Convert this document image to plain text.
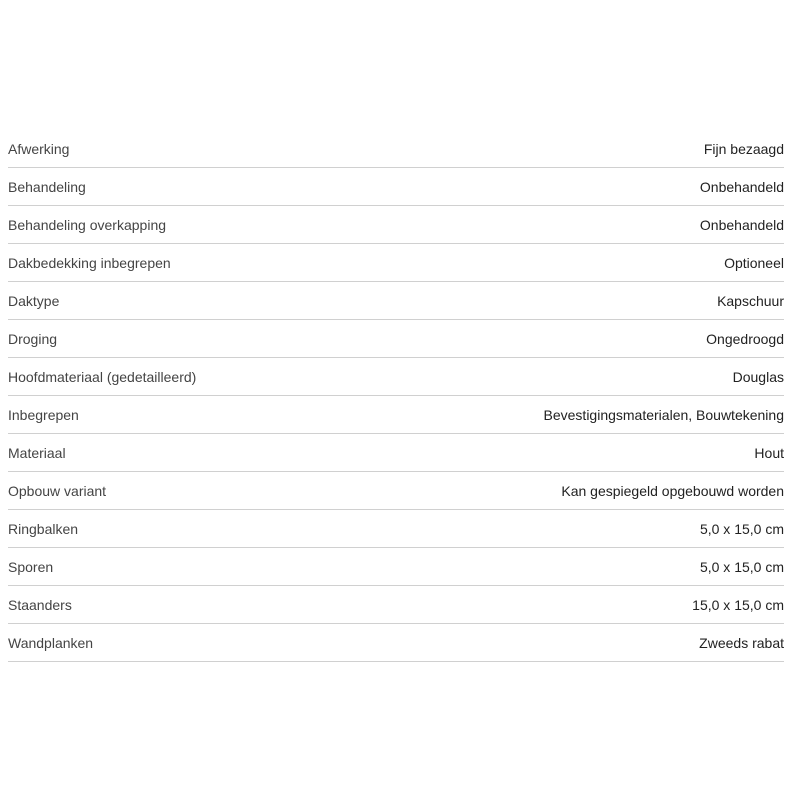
Afwerking	Fijn bezaagd
Behandeling	Onbehandeld
Behandeling overkapping	Onbehandeld
Dakbedekking inbegrepen	Optioneel
Daktype	Kapschuur
Droging	Ongedroogd
Hoofdmateriaal (gedetailleerd)	Douglas
Inbegrepen	Bevestigingsmaterialen, Bouwtekening
Materiaal	Hout
Opbouw variant	Kan gespiegeld opgebouwd worden
Ringbalken	5,0 x 15,0 cm
Sporen	5,0 x 15,0 cm
Staanders	15,0 x 15,0 cm
Wandplanken	Zweeds rabat
